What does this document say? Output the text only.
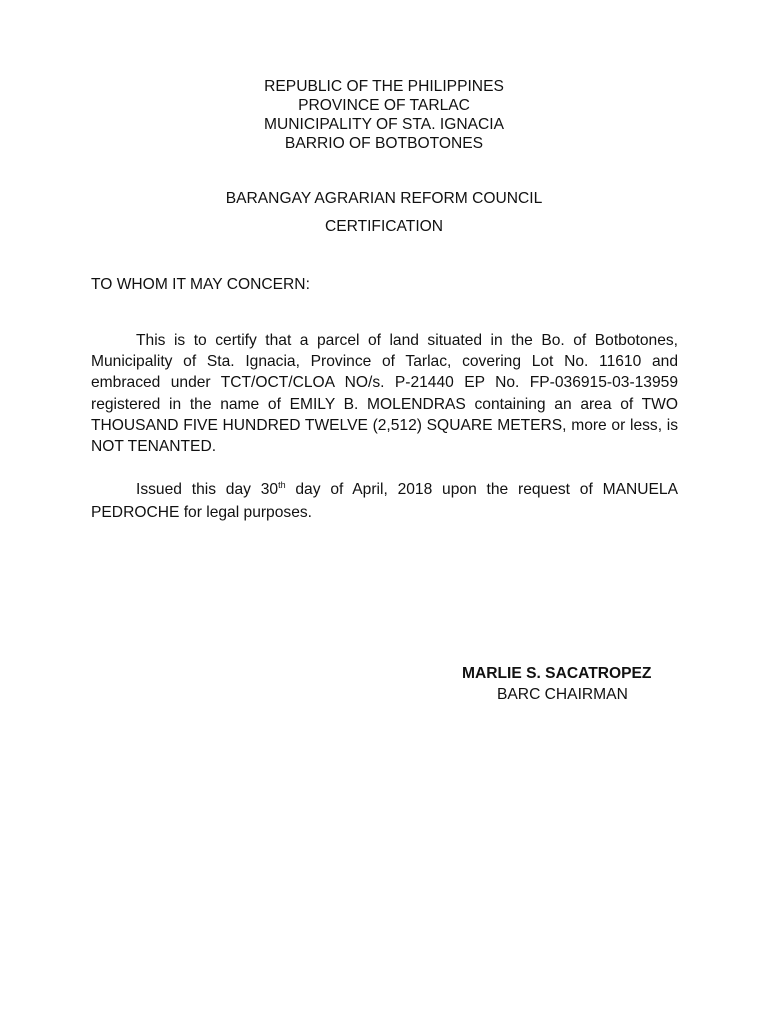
REPUBLIC OF THE PHILIPPINES
PROVINCE OF TARLAC
MUNICIPALITY OF STA. IGNACIA
BARRIO OF BOTBOTONES
BARANGAY AGRARIAN REFORM COUNCIL
CERTIFICATION
TO WHOM IT MAY CONCERN:

This is to certify that a parcel of land situated in the Bo. of Botbotones, Municipality of Sta. Ignacia, Province of Tarlac, covering Lot No. 11610 and embraced under TCT/OCT/CLOA NO/s. P-21440 EP No. FP-036915-03-13959 registered in the name of EMILY B. MOLENDRAS containing an area of TWO THOUSAND FIVE HUNDRED TWELVE (2,512) SQUARE METERS, more or less, is NOT TENANTED.

Issued this day 30th day of April, 2018 upon the request of MANUELA PEDROCHE for legal purposes.

MARLIE S. SACATROPEZ
BARC CHAIRMAN
